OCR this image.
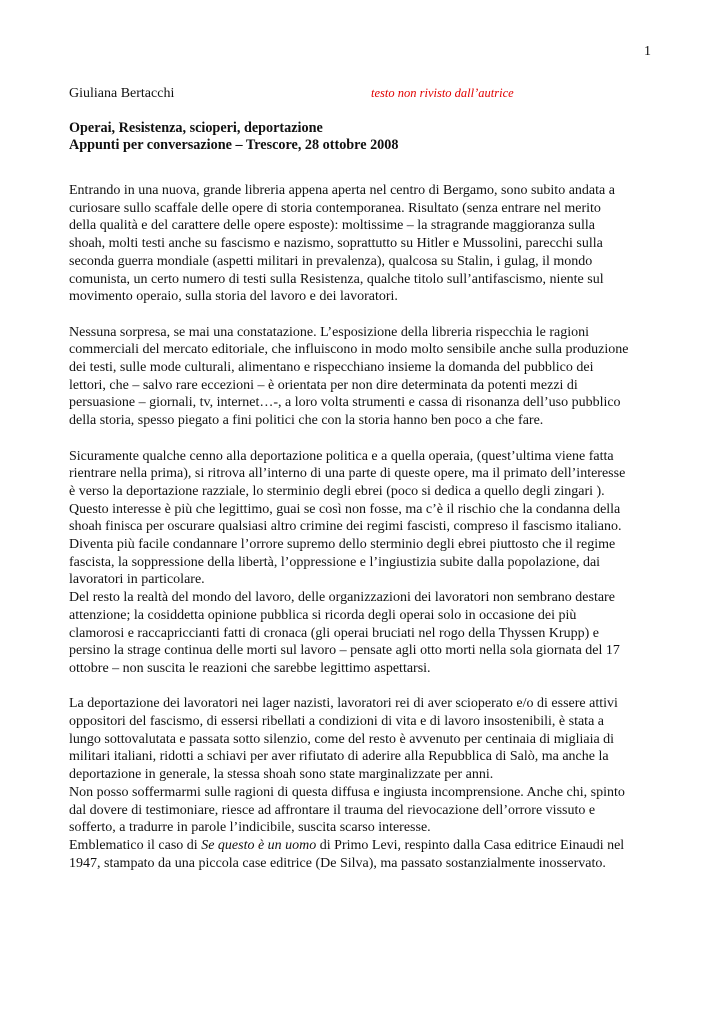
1
Giuliana Bertacchi	testo non rivisto dall’autrice
Operai, Resistenza, scioperi, deportazione
Appunti per conversazione – Trescore, 28 ottobre 2008

Entrando in una nuova, grande libreria appena aperta nel centro di Bergamo, sono subito andata a curiosare sullo scaffale delle opere di storia contemporanea. Risultato (senza entrare nel merito della qualità e del carattere delle opere esposte): moltissime – la stragrande maggioranza sulla shoah, molti testi anche su fascismo e nazismo, soprattutto su Hitler e Mussolini, parecchi sulla seconda guerra mondiale (aspetti militari in prevalenza), qualcosa su Stalin, i gulag, il mondo comunista, un certo numero di testi sulla Resistenza, qualche titolo sull’antifascismo, niente sul movimento operaio, sulla storia del lavoro e dei lavoratori.

Nessuna sorpresa, se mai una constatazione. L’esposizione della libreria rispecchia le ragioni commerciali del mercato editoriale, che influiscono in modo molto sensibile anche sulla produzione dei testi, sulle mode culturali, alimentano e rispecchiano insieme la domanda del pubblico dei lettori, che – salvo rare eccezioni – è orientata per non dire determinata da potenti mezzi di persuasione – giornali, tv, internet…-, a loro volta strumenti e cassa di risonanza dell’uso pubblico della storia, spesso piegato a fini politici che con la storia hanno ben poco a che fare.

Sicuramente qualche cenno alla deportazione politica e a quella operaia, (quest’ultima viene fatta rientrare nella prima), si ritrova all’interno di una parte di queste opere, ma il primato dell’interesse è verso la deportazione razziale, lo sterminio degli ebrei (poco si dedica a quello degli zingari ). Questo interesse è più che legittimo, guai se così non fosse, ma c’è il rischio che la condanna della shoah finisca per oscurare qualsiasi altro crimine dei regimi fascisti, compreso il fascismo italiano.

Diventa più facile condannare l’orrore supremo dello sterminio degli ebrei piuttosto che il regime fascista, la soppressione della libertà, l’oppressione e l’ingiustizia subite dalla popolazione, dai lavoratori in particolare.

Del resto la realtà del mondo del lavoro, delle organizzazioni dei lavoratori non sembrano destare attenzione; la cosiddetta opinione pubblica si ricorda degli operai solo in occasione dei più clamorosi e raccapriccianti fatti di cronaca (gli operai bruciati nel rogo della Thyssen Krupp) e persino la strage continua delle morti sul lavoro – pensate agli otto morti nella sola giornata del 17 ottobre – non suscita le reazioni che sarebbe legittimo aspettarsi.

La deportazione dei lavoratori nei lager nazisti, lavoratori rei di aver scioperato e/o di essere attivi oppositori del fascismo, di essersi ribellati a condizioni di vita e di lavoro insostenibili, è stata a lungo sottovalutata e passata sotto silenzio, come del resto è avvenuto per centinaia di migliaia di militari italiani, ridotti a schiavi per aver rifiutato di aderire alla Repubblica di Salò, ma anche la deportazione in generale, la stessa shoah sono state marginalizzate per anni.

Non posso soffermarmi sulle ragioni di questa diffusa e ingiusta incomprensione. Anche chi, spinto dal dovere di testimoniare, riesce ad affrontare il trauma del rievocazione dell’orrore vissuto e sofferto, a tradurre in parole l’indicibile, suscita scarso interesse.

Emblematico il caso di Se questo è un uomo di Primo Levi, respinto dalla Casa editrice Einaudi nel 1947, stampato da una piccola case editrice (De Silva), ma passato sostanzialmente inosservato.
